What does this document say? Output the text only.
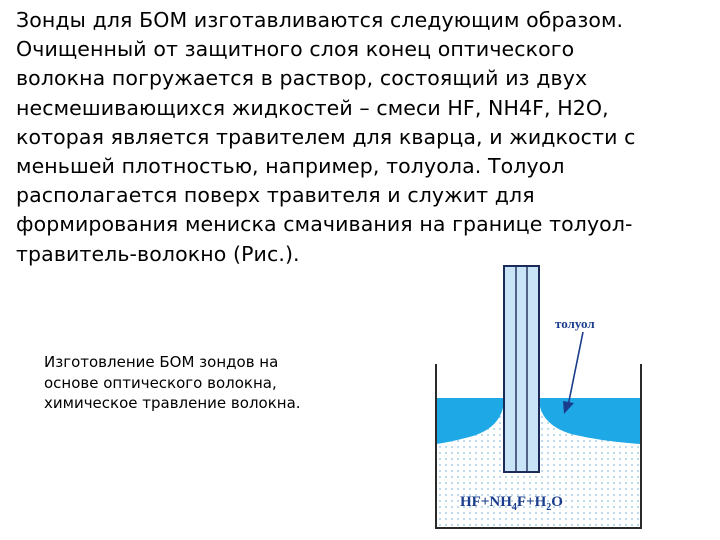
Зонды для БОМ изготавливаются следующим образом.
Очищенный от защитного слоя конец оптического
волокна погружается в раствор, состоящий из двух
несмешивающихся жидкостей – смеси HF, NH4F, H2O,
которая является травителем для кварца, и жидкости с
меньшей плотностью, например, толуола. Толуол
располагается поверх травителя и служит для
формирования мениска смачивания на границе толуол-
травитель-волокно (Рис.).

Изготовление БОМ зондов на
основе оптического волокна,
химическое травление волокна.

толуол
$HF+NH_4F+H_2O$
